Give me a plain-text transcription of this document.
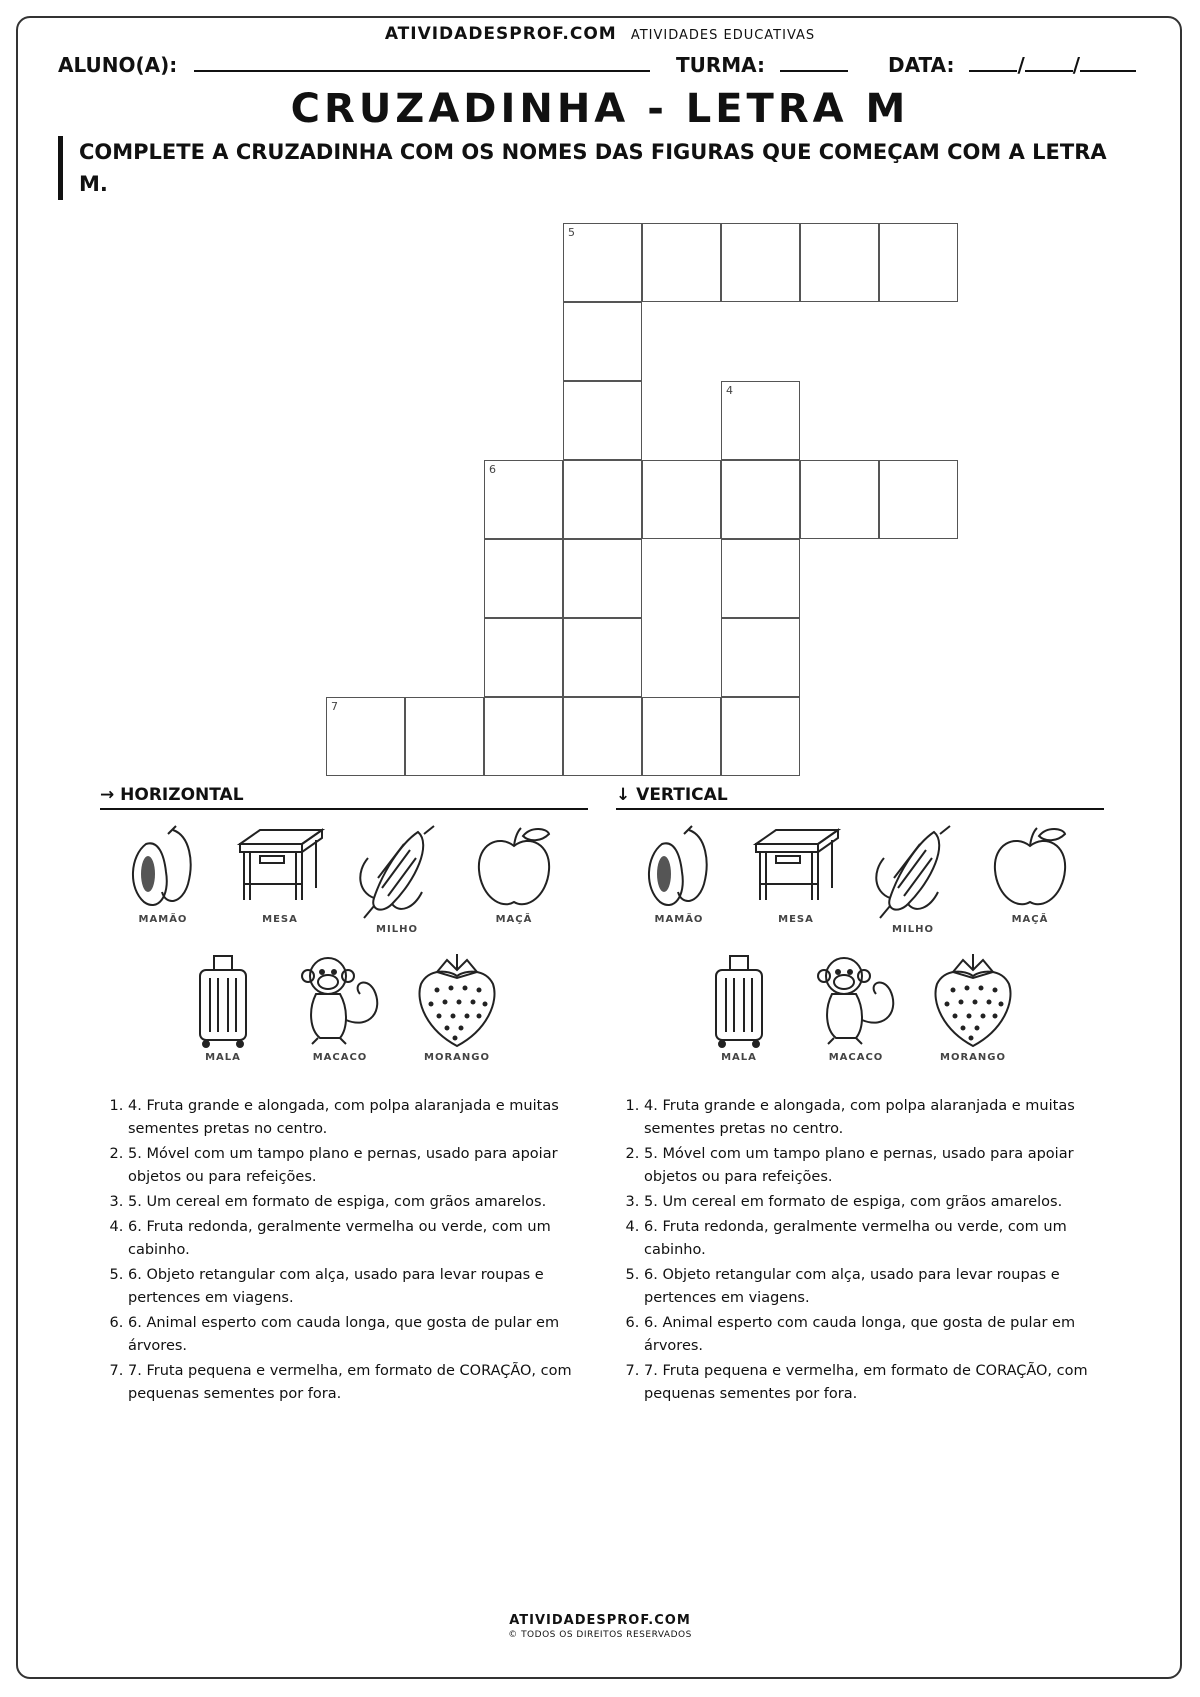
ATIVIDADESPROF.COM ATIVIDADES EDUCATIVAS
ALUNO(A):	TURMA:	DATA:	/ /
CRUZADINHA - LETRA M
COMPLETE A CRUZADINHA COM OS NOMES DAS FIGURAS QUE COMEÇAM COM A LETRA M.
5
4
6
7
→ HORIZONTAL
MAMÃO	MESA
MILHO
MAÇÃ
MALA	MACACO	MORANGO
1. 4. Fruta grande e alongada, com polpa alaranjada e muitas sementes pretas no centro.
2. 5. Móvel com um tampo plano e pernas, usado para apoiar objetos ou para refeições.
3. 5. Um cereal em formato de espiga, com grãos amarelos.
4. 6. Fruta redonda, geralmente vermelha ou verde, com um cabinho.
5. 6. Objeto retangular com alça, usado para levar roupas e pertences em viagens.
6. 6. Animal esperto com cauda longa, que gosta de pular em árvores.
7. 7. Fruta pequena e vermelha, em formato de CORAÇÃO, com pequenas sementes por fora.
↓ VERTICAL
MAMÃO	MESA
MILHO
MAÇÃ
MALA	MACACO	MORANGO
1. 4. Fruta grande e alongada, com polpa alaranjada e muitas sementes pretas no centro.
2. 5. Móvel com um tampo plano e pernas, usado para apoiar objetos ou para refeições.
3. 5. Um cereal em formato de espiga, com grãos amarelos.
4. 6. Fruta redonda, geralmente vermelha ou verde, com um cabinho.
5. 6. Objeto retangular com alça, usado para levar roupas e pertences em viagens.
6. 6. Animal esperto com cauda longa, que gosta de pular em árvores.
7. 7. Fruta pequena e vermelha, em formato de CORAÇÃO, com pequenas sementes por fora.
ATIVIDADESPROF.COM
© TODOS OS DIREITOS RESERVADOS
